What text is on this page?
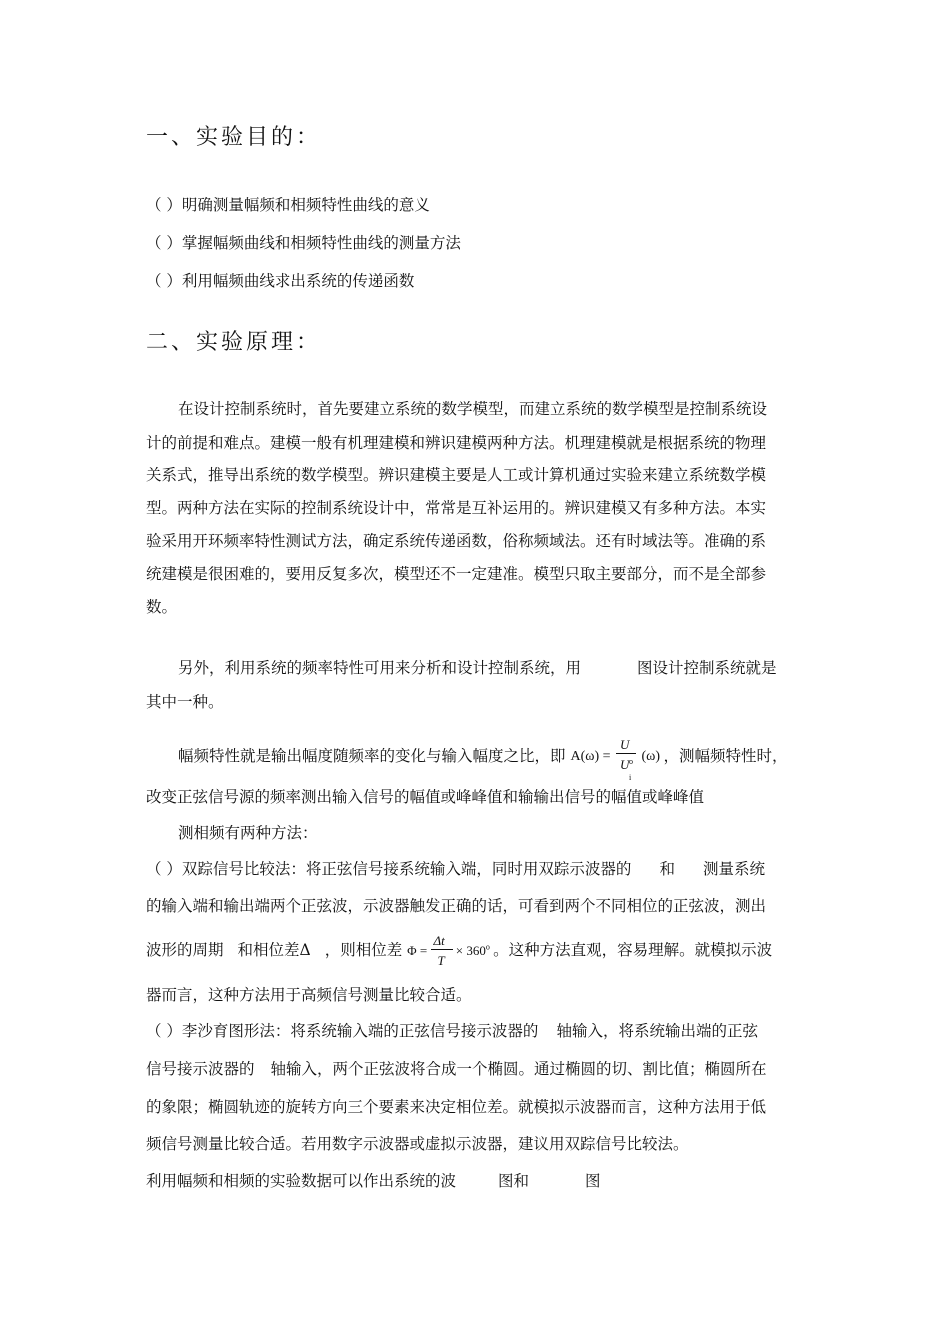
一、实验目的：
（ ）明确测量幅频和相频特性曲线的意义
（ ）掌握幅频曲线和相频特性曲线的测量方法
（ ）利用幅频曲线求出系统的传递函数
二、实验原理：
在设计控制系统时，首先要建立系统的数学模型，而建立系统的数学模型是控制系统设
计的前提和难点。建模一般有机理建模和辨识建模两种方法。机理建模就是根据系统的物理
关系式，推导出系统的数学模型。辨识建模主要是人工或计算机通过实验来建立系统数学模
型。两种方法在实际的控制系统设计中，常常是互补运用的。辨识建模又有多种方法。本实
验采用开环频率特性测试方法，确定系统传递函数，俗称频域法。还有时域法等。准确的系
统建模是很困难的，要用反复多次，模型还不一定建准。模型只取主要部分，而不是全部参
数。
另外，利用系统的频率特性可用来分析和设计控制系统，用	图设计控制系统就是
其中一种。
幅频特性就是输出幅度随频率的变化与输入幅度之比，即 A(ω) =
U
U o
i
(ω) ，测幅频特性时，
改变正弦信号源的频率测出输入信号的幅值或峰峰值和输输出信号的幅值或峰峰值
测相频有两种方法：
（ ）双踪信号比较法：将正弦信号接系统输入端，同时用双踪示波器的 和 测量系统
的输入端和输出端两个正弦波，示波器触发正确的话，可看到两个不同相位的正弦波，测出
波形的周期 和相位差Δ ，则相位差 $\Phi = \frac{\Delta t}{T} \times 360^o$ 。这种方法直观，容易理解。就模拟示波
器而言，这种方法用于高频信号测量比较合适。
（ ）李沙育图形法：将系统输入端的正弦信号接示波器的 轴输入，将系统输出端的正弦
信号接示波器的 轴输入，两个正弦波将合成一个椭圆。通过椭圆的切、割比值；椭圆所在
的象限；椭圆轨迹的旋转方向三个要素来决定相位差。就模拟示波器而言，这种方法用于低
频信号测量比较合适。若用数字示波器或虚拟示波器，建议用双踪信号比较法。
利用幅频和相频的实验数据可以作出系统的波	图和	图
